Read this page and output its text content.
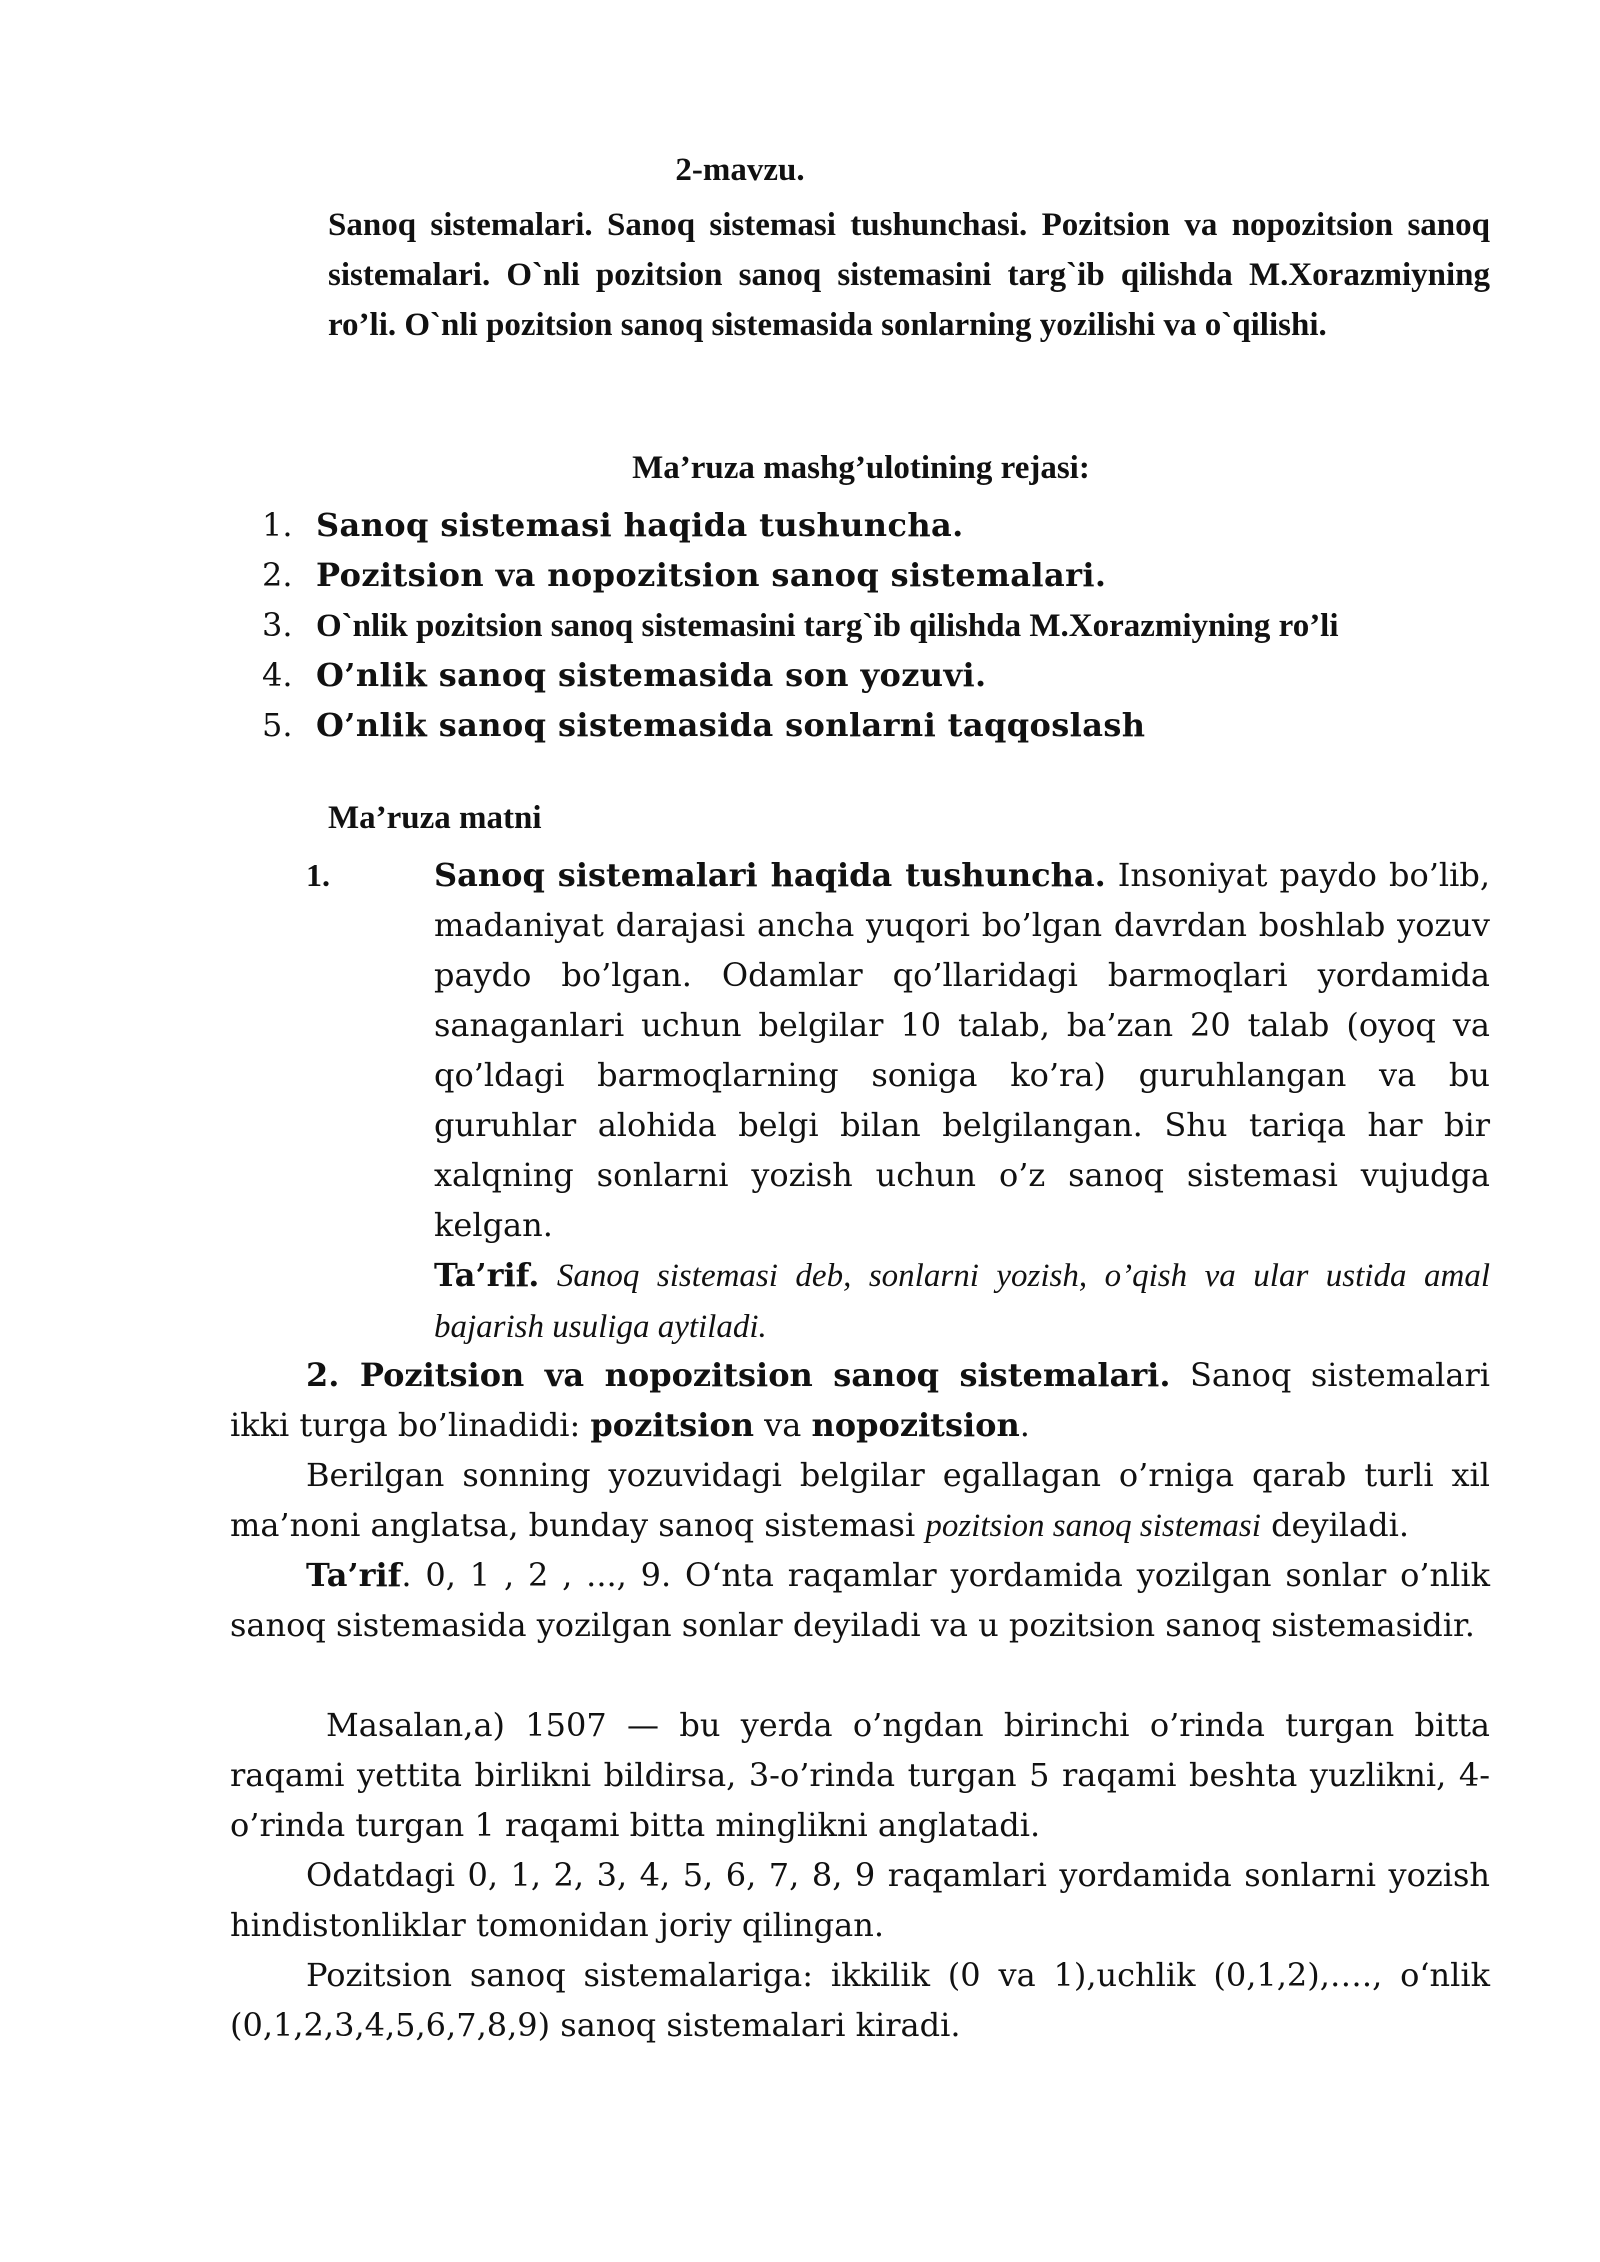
2-mavzu.
Sanoq sistemalari. Sanoq sistemasi tushunchasi. Pozitsion va nopozitsion sanoq sistemalari. O`nli pozitsion sanoq sistemasini targ`ib qilishda M.Xorazmiyning ro’li. O`nli pozitsion sanoq sistemasida sonlarning yozilishi va o`qilishi.
Ma’ruza mashg’ulotining rejasi:
1. Sanoq sistemasi haqida tushuncha.
2. Pozitsion va nopozitsion sanoq sistemalari.
3. O`nlik pozitsion sanoq sistemasini targ`ib qilishda M.Xorazmiyning ro’li
4. O’nlik sanoq sistemasida son yozuvi.
5. O’nlik sanoq sistemasida sonlarni taqqoslash
Ma’ruza matni
1.	Sanoq sistemalari haqida tushuncha. Insoniyat paydo bo’lib, madaniyat darajasi ancha yuqori bo’lgan davrdan boshlab yozuv paydo bo’lgan. Odamlar qo’llaridagi barmoqlari yordamida sanaganlari uchun belgilar 10 talab, ba’zan 20 talab (oyoq va qo’ldagi barmoqlarning soniga ko’ra) guruhlangan va bu guruhlar alohida belgi bilan belgilangan. Shu tariqa har bir xalqning sonlarni yozish uchun o’z sanoq sistemasi vujudga kelgan.

Ta’rif. Sanoq sistemasi deb, sonlarni yozish, o’qish va ular ustida amal bajarish usuliga aytiladi.

2. Pozitsion va nopozitsion sanoq sistemalari. Sanoq sistemalari ikki turga bo’linadidi: pozitsion va nopozitsion.

Berilgan sonning yozuvidagi belgilar egallagan o’rniga qarab turli xil ma’noni anglatsa, bunday sanoq sistemasi pozitsion sanoq sistemasi deyiladi.

Ta’rif. 0, 1 , 2 , ..., 9. O‘nta raqamlar yordamida yozilgan sonlar o’nlik sanoq sistemasida yozilgan sonlar deyiladi va u pozitsion sanoq sistemasidir.

Masalan,a) 1507 — bu yerda o’ngdan birinchi o’rinda turgan bitta raqami yettita birlikni bildirsa, 3-o’rinda turgan 5 raqami beshta yuzlikni, 4-o’rinda turgan 1 raqami bitta minglikni anglatadi.

Odatdagi 0, 1, 2, 3, 4, 5, 6, 7, 8, 9 raqamlari yordamida sonlarni yozish hindistonliklar tomonidan joriy qilingan.

Pozitsion sanoq sistemalariga: ikkilik (0 va 1),uchlik (0,1,2),…., o‘nlik (0,1,2,3,4,5,6,7,8,9) sanoq sistemalari kiradi.
